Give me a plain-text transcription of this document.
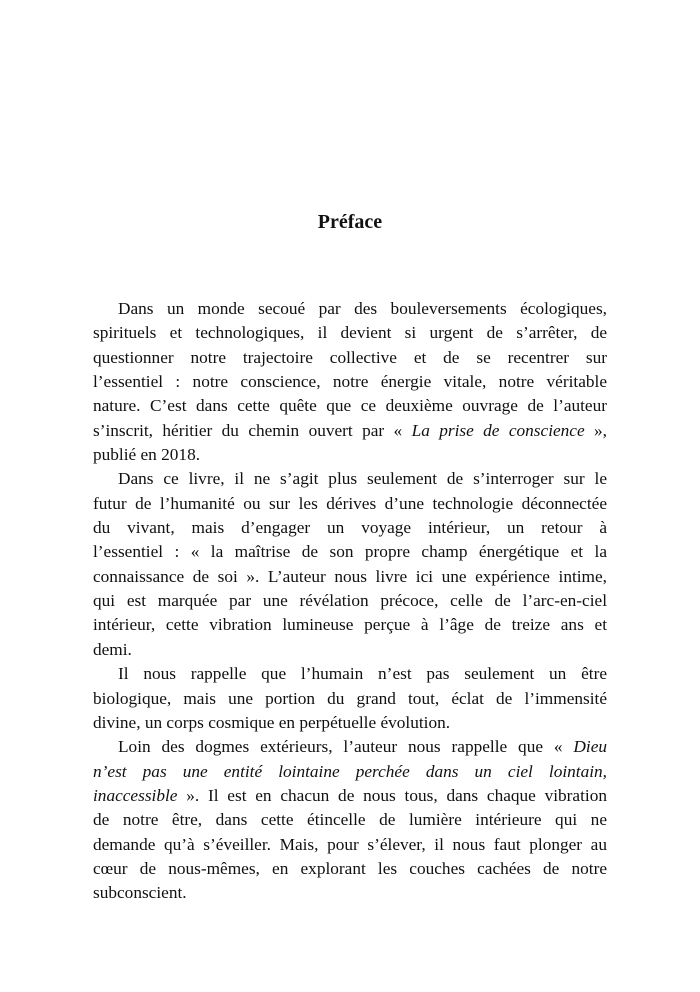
Préface
Dans un monde secoué par des bouleversements écologiques,
spirituels et technologiques, il devient si urgent de s’arrêter, de
questionner notre trajectoire collective et de se recentrer sur
l’essentiel : notre conscience, notre énergie vitale, notre véritable
nature. C’est dans cette quête que ce deuxième ouvrage de l’auteur
s’inscrit, héritier du chemin ouvert par « La prise de conscience »,
publié en 2018.
Dans ce livre, il ne s’agit plus seulement de s’interroger sur le
futur de l’humanité ou sur les dérives d’une technologie déconnectée
du vivant, mais d’engager un voyage intérieur, un retour à
l’essentiel : « la maîtrise de son propre champ énergétique et la
connaissance de soi ». L’auteur nous livre ici une expérience intime,
qui est marquée par une révélation précoce, celle de l’arc-en-ciel
intérieur, cette vibration lumineuse perçue à l’âge de treize ans et
demi.
Il nous rappelle que l’humain n’est pas seulement un être
biologique, mais une portion du grand tout, éclat de l’immensité
divine, un corps cosmique en perpétuelle évolution.
Loin des dogmes extérieurs, l’auteur nous rappelle que « Dieu
n’est pas une entité lointaine perchée dans un ciel lointain,
inaccessible ». Il est en chacun de nous tous, dans chaque vibration
de notre être, dans cette étincelle de lumière intérieure qui ne
demande qu’à s’éveiller. Mais, pour s’élever, il nous faut plonger au
cœur de nous-mêmes, en explorant les couches cachées de notre
subconscient.
